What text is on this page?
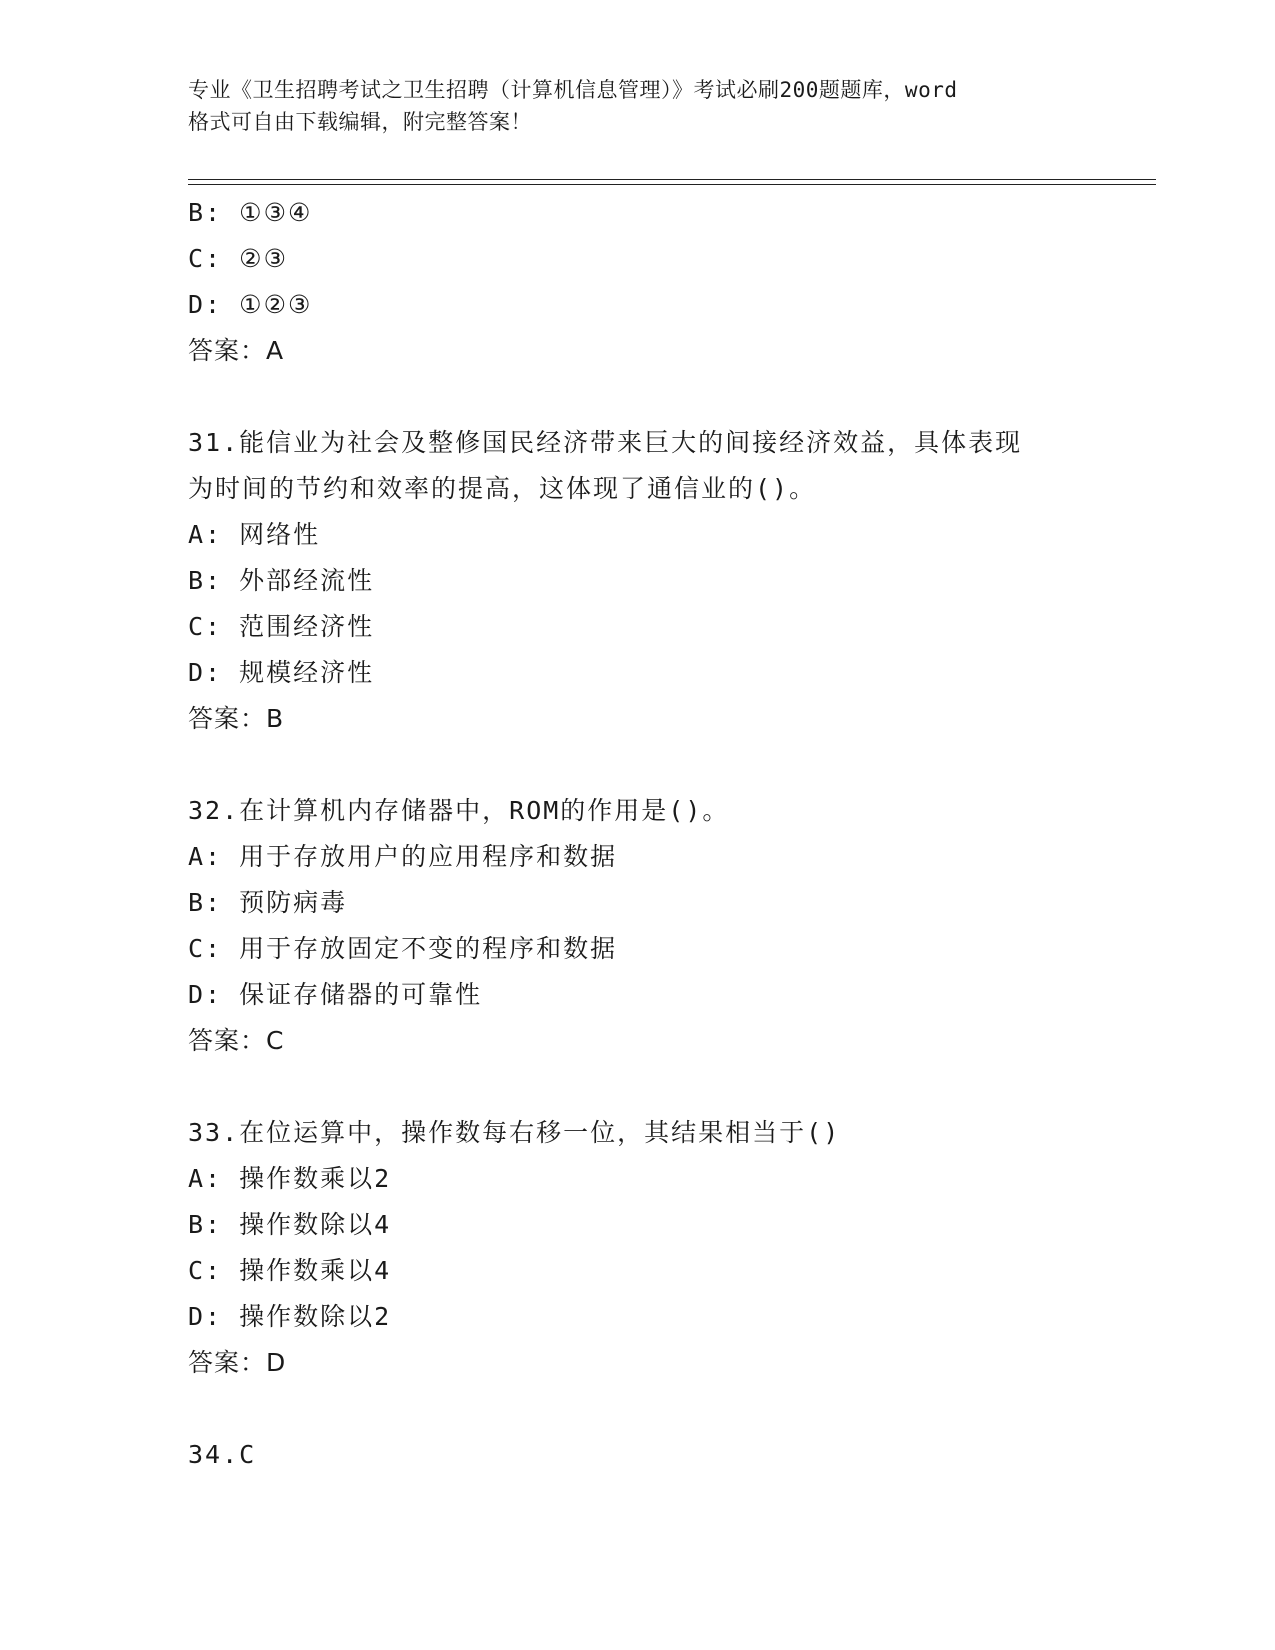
专业《卫生招聘考试之卫生招聘（计算机信息管理）》考试必刷200题题库，word
格式可自由下载编辑，附完整答案！
B: ①③④
C: ②③
D: ①②③
答案：A
31.能信业为社会及整修国民经济带来巨大的间接经济效益，具体表现
为时间的节约和效率的提高，这体现了通信业的()。
A: 网络性
B: 外部经流性
C: 范围经济性
D: 规模经济性
答案：B
32.在计算机内存储器中，ROM的作用是()。
A: 用于存放用户的应用程序和数据
B: 预防病毒
C: 用于存放固定不变的程序和数据
D: 保证存储器的可靠性
答案：C
33.在位运算中，操作数每右移一位，其结果相当于()
A: 操作数乘以2
B: 操作数除以4
C: 操作数乘以4
D: 操作数除以2
答案：D
34.C
